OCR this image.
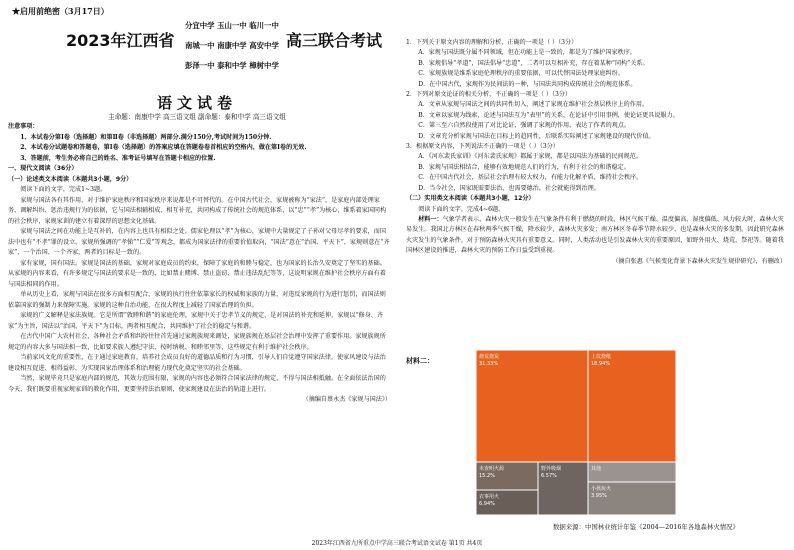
★启用前绝密（3月17日）
2023年江西省
分宜中学 玉山一中 临川一中
南城一中 南康中学 高安中学
彭泽一中 泰和中学 樟树中学
高三联合考试
语文试卷
主命题：南康中学 高三语文组 副命题：泰和中学 高三语文组
注意事项：
1、本试卷分第Ⅰ卷（选择题）和第Ⅱ卷（非选择题）两部分.满分150分,考试时间为150分钟.
2、本试卷分试题卷和答题卷，第Ⅰ卷（选择题）的答案应填在答题卷卷首相应的空格内，做在第Ⅰ卷的无效.
3、答题前，考生务必将自己的姓名、准考证号填写在答题卡相应的位置.
一、现代文阅读（36分）
（一）论述类文本阅读（本题共3小题，9分）
阅读下面的文字，完成1~3题。
家规与国法各有其作用，对于维护家庭秩序和国家秩序来说都是不可替代的。在中国古代社会，家规被称为“家法”，是家庭内部处理家务、调解纠纷、惩治违规行为的依据，它与国法相辅相成、相互补充，共同构成了传统社会的规范体系，以“忠”“孝”为核心，维系着家国同构的社会秩序，家规家训的建立有着深厚的思想文化基础。
家规与国法之间在功能上是互补的，在内容上也具有相似之处。儒家伦理以“孝”为核心，家规中大量规定了子孙对父母尽孝的要求，而国法中也有“不孝”罪的设立。家规所强调的“孝悌”“仁爱”等观念，都成为国家法律的重要价值取向，“国法”意在“治国、平天下”，家规则意在“齐家”，一个治国、一个齐家，两者的目标是一致的。
家有家规，国有国法。家规是国法的基础，家规对家庭成员的约束，保障了家庭的和睦与稳定，也为国家的长治久安奠定了坚实的基础。从家规的内容来看，有许多规定与国法的要求是一致的，比如禁止赌博、禁止盗窃、禁止违法乱纪等等，这说明家规在维护社会秩序方面有着与国法相同的作用。
单从历史上看，家规与国法在很多方面相互配合，家规的执行往往依靠家长的权威和家族的力量，对违反家规的行为进行惩罚，而国法则依靠国家的强制力来保障实施。家规的这种自治功能，在很大程度上减轻了国家治理的负担。
家规的广义解释是家法族规。它是所谓“敦睦和谐”的家庭伦理，家规中关于忠孝节义的规定，是对国法的补充和延伸，家规以“修身、齐家”为主旨，国法以“治国、平天下”为目标，两者相互配合，共同维护了社会的稳定与和谐。
在古代中国广大农村社会，各种社会矛盾和纠纷往往首先通过家规族规来调处，家规族规在基层社会治理中发挥了重要作用。家规族规所规定的内容大多与国法相一致，比如要求族人遵纪守法、按时纳税、和睦邻里等，这些规定有利于维护社会秩序。
当前家风文化的重要性，在于通过家庭教育，培养社会成员良好的道德品质和行为习惯，引导人们自觉遵守国家法律，使家风建设与法治建设相互促进、相得益彰，为实现国家治理体系和治理能力现代化奠定坚实的社会基础。
当然，家规毕竟只是家庭内部的规范，其效力范围有限，家规的内容也必须符合国家法律的规定，不得与国法相抵触。在全面依法治国的今天，我们既要重视家规家训的教化作用，更要坚持法治原则，使家规建设在法治的轨道上进行。
（摘编自蔡永杰《家规与国法》）
1．下列关于原文内容的理解和分析，正确的一项是（ ）（3分）
A．家规与国法既分属不同领域，但在功能上是一致的，都是为了维护国家秩序。
B．家规倡导“孝道”，国法倡导“忠道”，二者可以互相补充，存在着某种“同构”关系。
C．家规族规是维系家庭伦理秩序的重要依据，可以代替国法处理家庭纠纷。
D．在中国古代，家规作为民间法的一种，与国法共同构成传统社会的规范体系。
2．下列对原文论证的相关分析，不正确的一项是（ ）（3分）
A．文章从家规与国法之间的共同性切入，阐述了家规在维护社会基层秩序上的作用。
B．文章以家规为线索，论述与国法互为“表里”的关系，在论证中引用事例，使论证更具说服力。
C．第三至六自然段使用了对比论证，强调了家规的作用，表达了作者的观点。
D．文章充分析家规与国法在目标上的趋同性，后联系实际阐述了家规建设的现代价值。
3．根据原文内容，下列说法不正确的一项是（ ）（3分）
A．《河东裴氏家训》《河东裴氏家规》都属于家规，都是以国法为基础的民间规范。
B．家规与国法相结合，能够有效地规范人们的行为，有利于社会的和谐稳定。
C．在中国古代社会，基层社会治理有较大权力，有能力化解矛盾、维持社会秩序。
D．当今社会，国家既需要法治，也需要德治，社会就能得到治理。
（二）实用类文本阅读（本题共3小题，12分）
阅读下面的文字，完成4~6题。
材料一：气象学者表示，森林火灾一般发生在气象条件有利于燃烧的时段，林区气候干燥、温度偏高、湿度偏低、风力较大时，森林火灾易发生。我国北方林区在春秋两季气候干燥，降水较少，森林火灾多发；南方林区冬春季节降水较少，也是森林火灾的多发期。因此研究森林火灾发生的气象条件，对于预防森林火灾具有重要意义。同时，人类活动也是引发森林火灾的重要原因，如野外用火、烧荒、祭祀等。随着我国林区建设的推进，森林火灾的预防工作日益受到重视。
（摘自张惠《气候变化背景下森林火灾发生规律研究》，有删改）
材料二：	烧荒烧炭
31.33%
上坟烧纸
18.94%
未查明火源
15.2%
野外吸烟
6.57%
其他
农事用火
6.94%
小孩玩火
3.95%
数据来源：中国林业统计年鉴《2004—2016年各地森林火情况》
2023年江西省九所重点中学高三联合考试语文试卷 第1页 共4页
